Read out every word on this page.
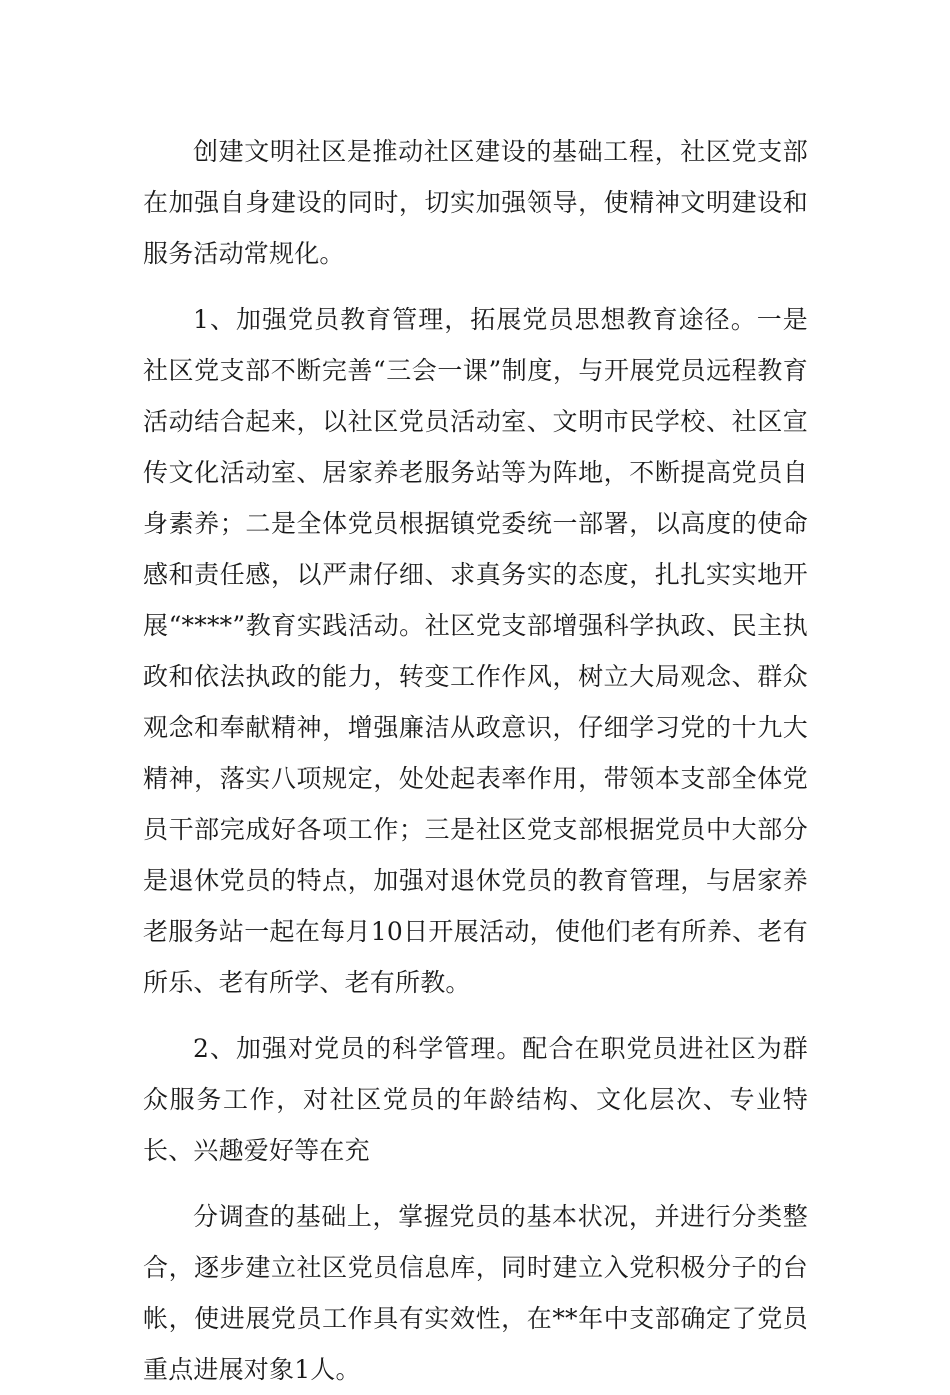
创建文明社区是推动社区建设的基础工程，社区党支部在加强自身建设的同时，切实加强领导，使精神文明建设和服务活动常规化。

1、加强党员教育管理，拓展党员思想教育途径。一是社区党支部不断完善“三会一课”制度，与开展党员远程教育活动结合起来，以社区党员活动室、文明市民学校、社区宣传文化活动室、居家养老服务站等为阵地，不断提高党员自身素养；二是全体党员根据镇党委统一部署，以高度的使命感和责任感，以严肃仔细、求真务实的态度，扎扎实实地开展“****”教育实践活动。社区党支部增强科学执政、民主执政和依法执政的能力，转变工作作风，树立大局观念、群众观念和奉献精神，增强廉洁从政意识，仔细学习党的十九大精神，落实八项规定，处处起表率作用，带领本支部全体党员干部完成好各项工作；三是社区党支部根据党员中大部分是退休党员的特点，加强对退休党员的教育管理，与居家养老服务站一起在每月10日开展活动，使他们老有所养、老有所乐、老有所学、老有所教。

2、加强对党员的科学管理。配合在职党员进社区为群众服务工作，对社区党员的年龄结构、文化层次、专业特长、兴趣爱好等在充

分调查的基础上，掌握党员的基本状况，并进行分类整合，逐步建立社区党员信息库，同时建立入党积极分子的台帐，使进展党员工作具有实效性，在**年中支部确定了党员重点进展对象1人。
